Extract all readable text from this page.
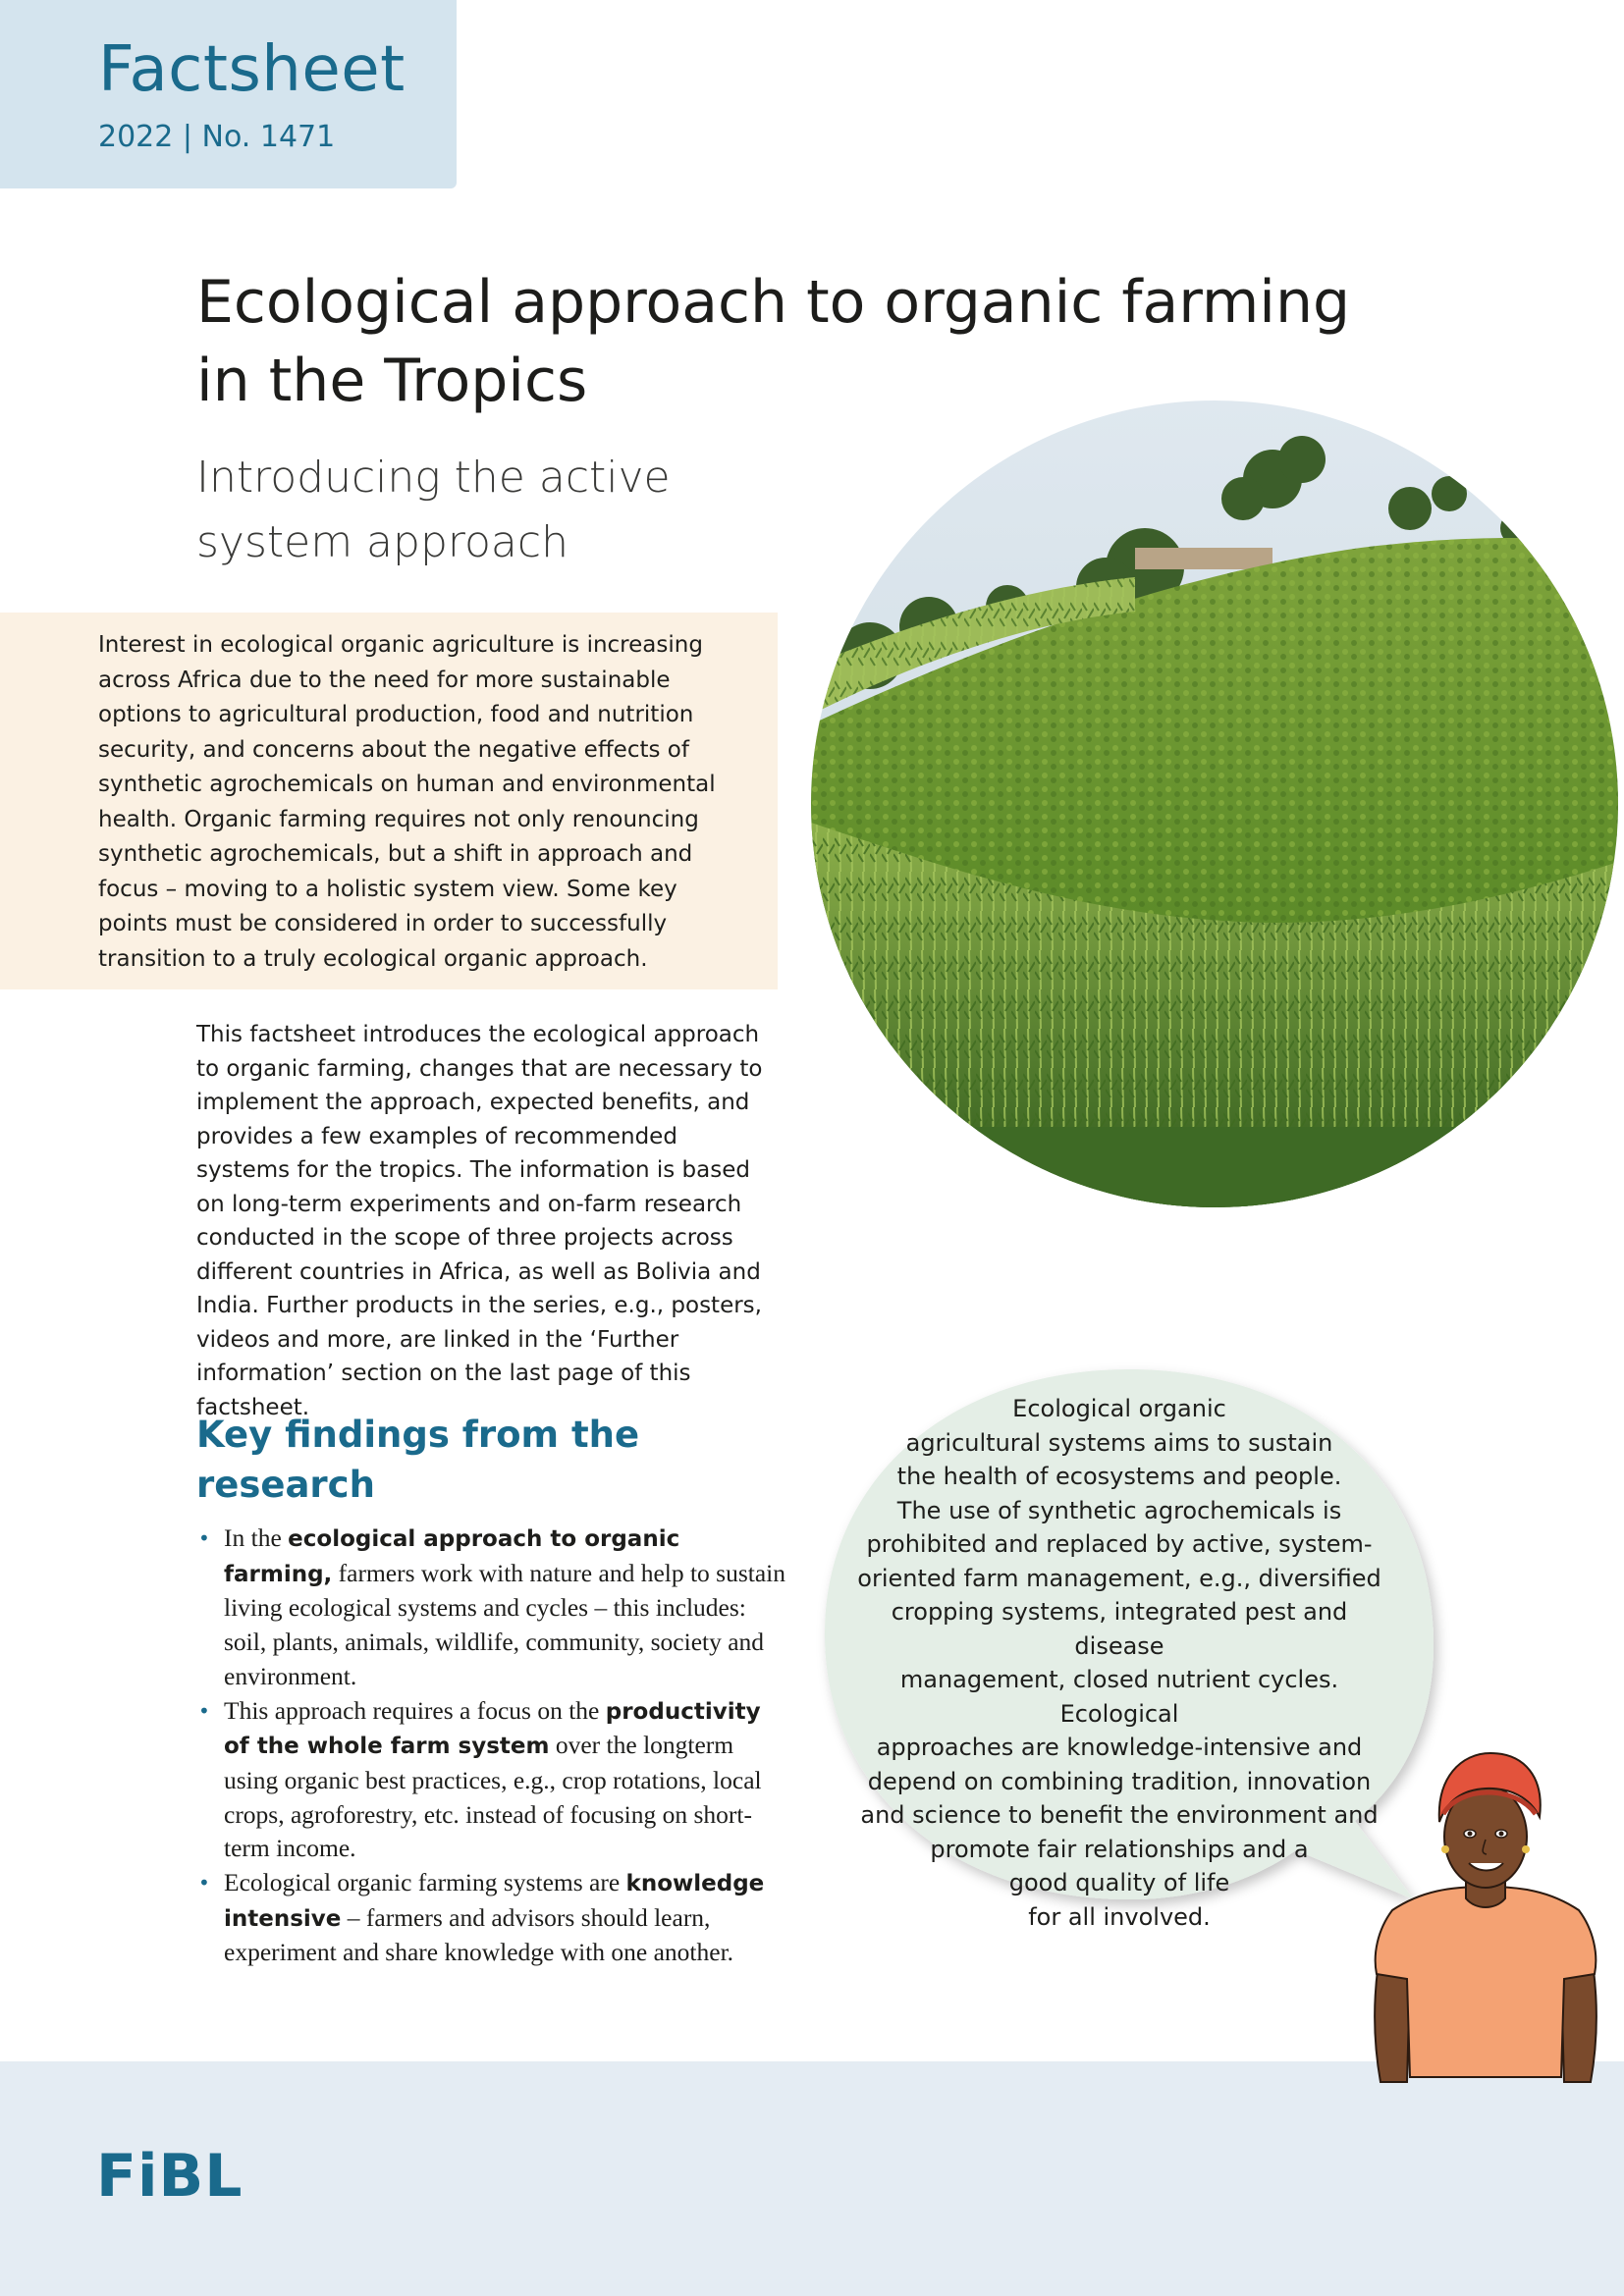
Factsheet
2022 | No. 1471
Ecological approach to organic farming
in the Tropics
Introducing the active
system approach
Interest in ecological organic agriculture is increasing across Africa due to the need for more sustainable options to agricultural production, food and nutrition security, and concerns about the negative effects of synthetic agrochemicals on human and environmental health. Organic farming requires not only renouncing synthetic agrochemicals, but a shift in approach and focus – moving to a holistic system view. Some key points must be considered in order to successfully transition to a truly ecological organic approach.
This factsheet introduces the ecological approach to organic farming, changes that are necessary to implement the approach, expected benefits, and provides a few examples of recommended systems for the tropics. The information is based on long-term experiments and on-farm research conducted in the scope of three projects across different countries in Africa, as well as Bolivia and India. Further products in the series, e.g., posters, videos and more, are linked in the ‘Further information’ section on the last page of this factsheet.
Key findings from the research
• In the ecological approach to organic farming, farmers work with nature and help to sustain living ecological systems and cycles – this includes: soil, plants, animals, wildlife, community, society and environment.
• This approach requires a focus on the productivity of the whole farm system over the longterm using organic best practices, e.g., crop rotations, local crops, agroforestry, etc. instead of focusing on short-term income.
• Ecological organic farming systems are knowledge intensive – farmers and advisors should learn, experiment and share knowledge with one another.
Ecological organic
agricultural systems aims to sustain
the health of ecosystems and people.
The use of synthetic agrochemicals is
prohibited and replaced by active, system-
oriented farm management, e.g., diversified
cropping systems, integrated pest and disease
management, closed nutrient cycles. Ecological
approaches are knowledge-intensive and
depend on combining tradition, innovation
and science to benefit the environment and
promote fair relationships and a
good quality of life
for all involved.
FiBL
